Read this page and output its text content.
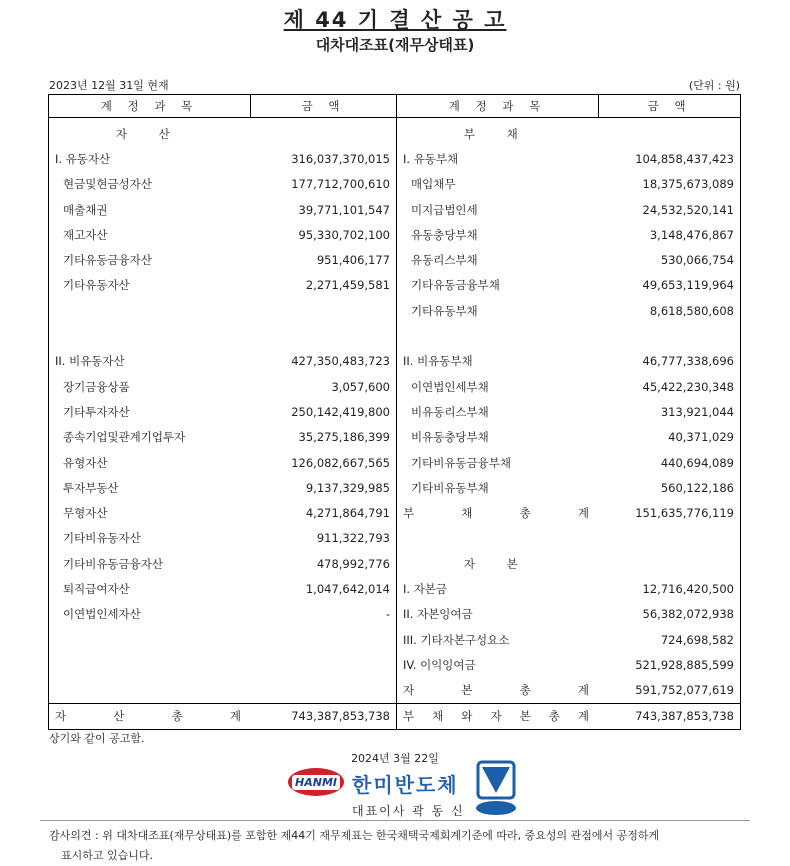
제 44 기 결 산 공 고
대차대조표(재무상태표)
2023년 12월 31일 현재	(단위 : 원)
계 정 과 목	금 액	계 정 과 목	금 액
자 산		부 채	
I. 유동자산	316,037,370,015	I. 유동부채	104,858,437,423
현금및현금성자산	177,712,700,610	매입채무	18,375,673,089
매출채권	39,771,101,547	미지급법인세	24,532,520,141
재고자산	95,330,702,100	유동충당부채	3,148,476,867
기타유동금융자산	951,406,177	유동리스부채	530,066,754
기타유동자산	2,271,459,581	기타유동금융부채	49,653,119,964
		기타유동부채	8,618,580,608

II. 비유동자산	427,350,483,723	II. 비유동부채	46,777,338,696
장기금융상품	3,057,600	이연법인세부채	45,422,230,348
기타투자자산	250,142,419,800	비유동리스부채	313,921,044
종속기업및관계기업투자	35,275,186,399	비유동충당부채	40,371,029
유형자산	126,082,667,565	기타비유동금융부채	440,694,089
투자부동산	9,137,329,985	기타비유동부채	560,122,186
무형자산	4,271,864,791	부채총계	151,635,776,119
기타비유동자산	911,322,793		
기타비유동금융자산	478,992,776	자 본	
퇴직급여자산	1,047,642,014	I. 자본금	12,716,420,500
이연법인세자산	-	II. 자본잉여금	56,382,072,938
		III. 기타자본구성요소	724,698,582
		IV. 이익잉여금	521,928,885,599
		자본총계	591,752,077,619
자산총계	743,387,853,738	부채와자본총계	743,387,853,738
상기와 같이 공고함.
2024년 3월 22일
HANMI 한미반도체
대표이사 곽 동 신
감사의견 : 위 대차대조표(재무상태표)를 포함한 제44기 재무제표는 한국채택국제회계기준에 따라, 중요성의 관점에서 공정하게
표시하고 있습니다.
